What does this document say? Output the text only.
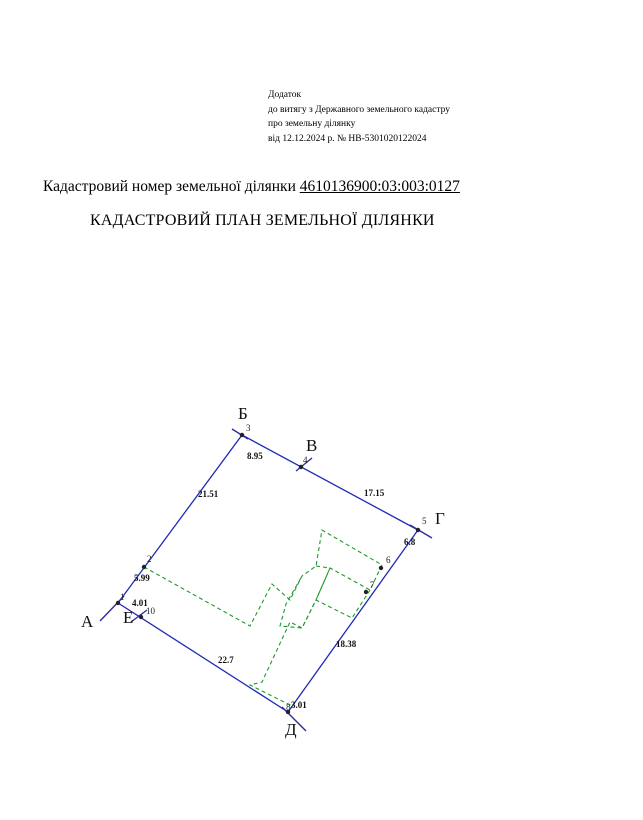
Додаток
до витягу з Державного земельного кадастру
про земельну ділянку
від 12.12.2024 р. № НВ-5301020122024
Кадастровий номер земельної ділянки 4610136900:03:003:0127
КАДАСТРОВИЙ ПЛАН ЗЕМЕЛЬНОЇ ДІЛЯНКИ
3
4
5
6
7
8
10
1
2
8.95
17.15
21.51
6.8
5.99
4.01
18.38
22.7
3.01
Б
В
Г
А Е
Д
